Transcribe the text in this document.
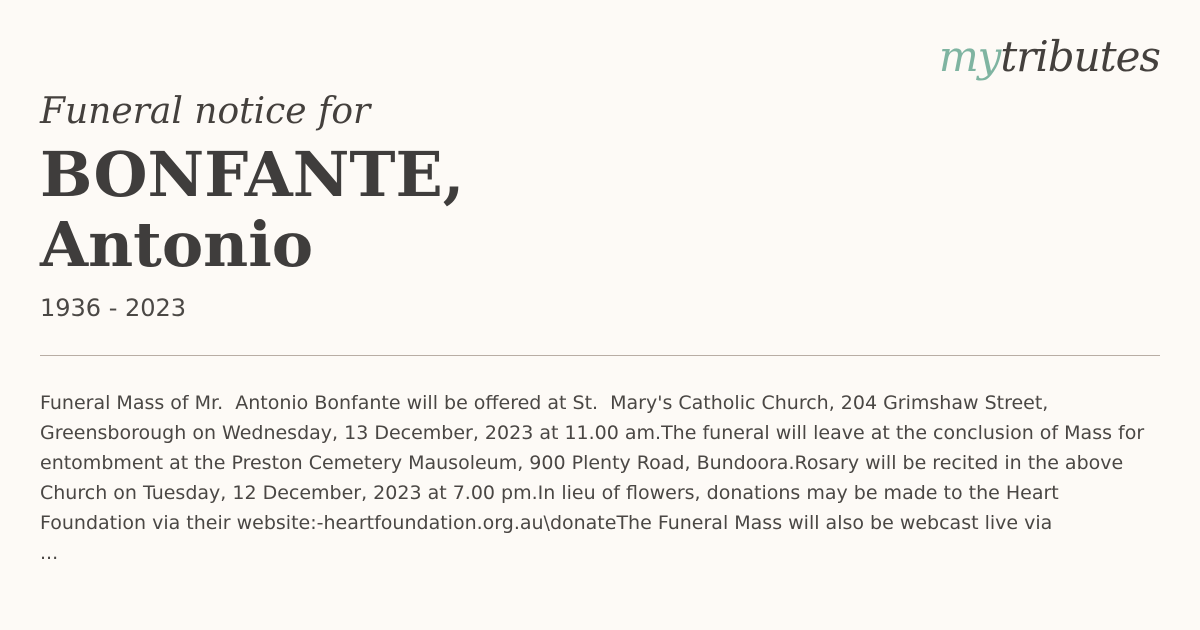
mytributes
Funeral notice for
BONFANTE,
Antonio
1936 - 2023

Funeral Mass of Mr.  Antonio Bonfante will be offered at St.  Mary's Catholic Church, 204 Grimshaw Street, Greensborough on Wednesday, 13 December, 2023 at 11.00 am.The funeral will leave at the conclusion of Mass for entombment at the Preston Cemetery Mausoleum, 900 Plenty Road, Bundoora.Rosary will be recited in the above Church on Tuesday, 12 December, 2023 at 7.00 pm.In lieu of flowers, donations may be made to the Heart Foundation via their website:-heartfoundation.org.au\donateThe Funeral Mass will also be webcast live via

...
